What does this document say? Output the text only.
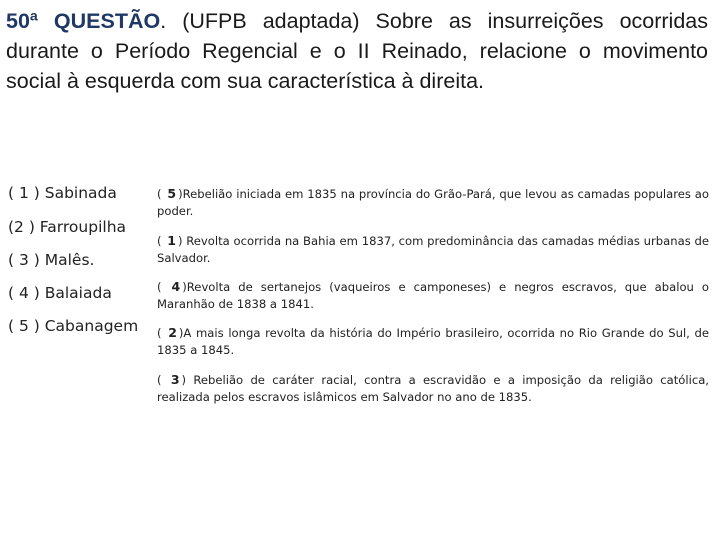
50ª QUESTÃO. (UFPB adaptada) Sobre as insurreições ocorridas durante o Período Regencial e o II Reinado, relacione o movimento social à esquerda com sua característica à direita.
( 1 ) Sabinada
(2 ) Farroupilha
( 3 ) Malês.
( 4 ) Balaiada
( 5 ) Cabanagem
( 5 )Rebelião iniciada em 1835 na província do Grão-Pará, que levou as camadas populares ao poder.
( 1 ) Revolta ocorrida na Bahia em 1837, com predominância das camadas médias urbanas de Salvador.
( 4 )Revolta de sertanejos (vaqueiros e camponeses) e negros escravos, que abalou o Maranhão de 1838 a 1841.
( 2 )A mais longa revolta da história do Império brasileiro, ocorrida no Rio Grande do Sul, de 1835 a 1845.
( 3 ) Rebelião de caráter racial, contra a escravidão e a imposição da religião católica, realizada pelos escravos islâmicos em Salvador no ano de 1835.
